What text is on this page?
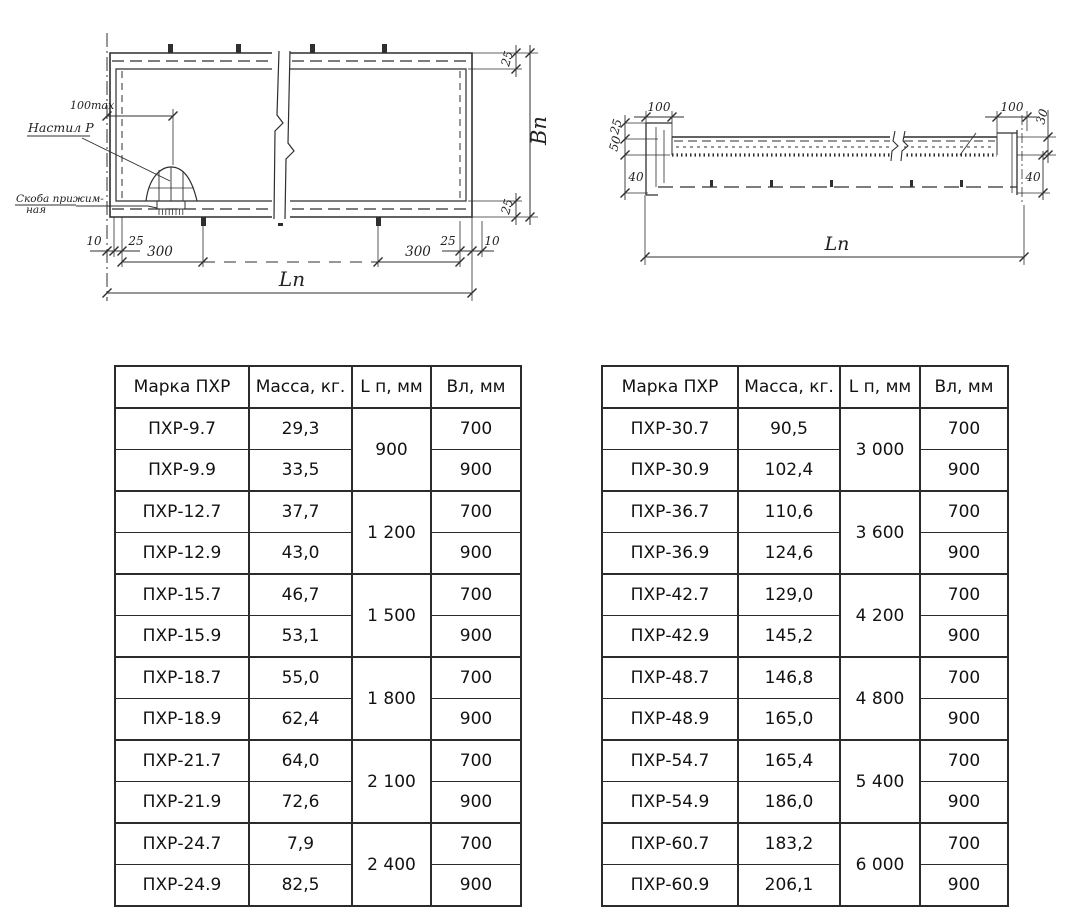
100max
Настил Р
Скоба прижим-
ная
25
25
Вп
10 25	25 10
300	300
Lп
100	100
30
25
50
40	40
Lп
Марка ПХР	Масса, кг.	L п, мм	Вл, мм
ПХР-9.7	29,3	900	700
ПХР-9.9	33,5		900
ПХР-12.7	37,7	1 200	700
ПХР-12.9	43,0		900
ПХР-15.7	46,7	1 500	700
ПХР-15.9	53,1		900
ПХР-18.7	55,0	1 800	700
ПХР-18.9	62,4		900
ПХР-21.7	64,0	2 100	700
ПХР-21.9	72,6		900
ПХР-24.7	7,9	2 400	700
ПХР-24.9	82,5		900
Марка ПХР	Масса, кг.	L п, мм	Вл, мм
ПХР-30.7	90,5	3 000	700
ПХР-30.9	102,4		900
ПХР-36.7	110,6	3 600	700
ПХР-36.9	124,6		900
ПХР-42.7	129,0	4 200	700
ПХР-42.9	145,2		900
ПХР-48.7	146,8	4 800	700
ПХР-48.9	165,0		900
ПХР-54.7	165,4	5 400	700
ПХР-54.9	186,0		900
ПХР-60.7	183,2	6 000	700
ПХР-60.9	206,1		900
